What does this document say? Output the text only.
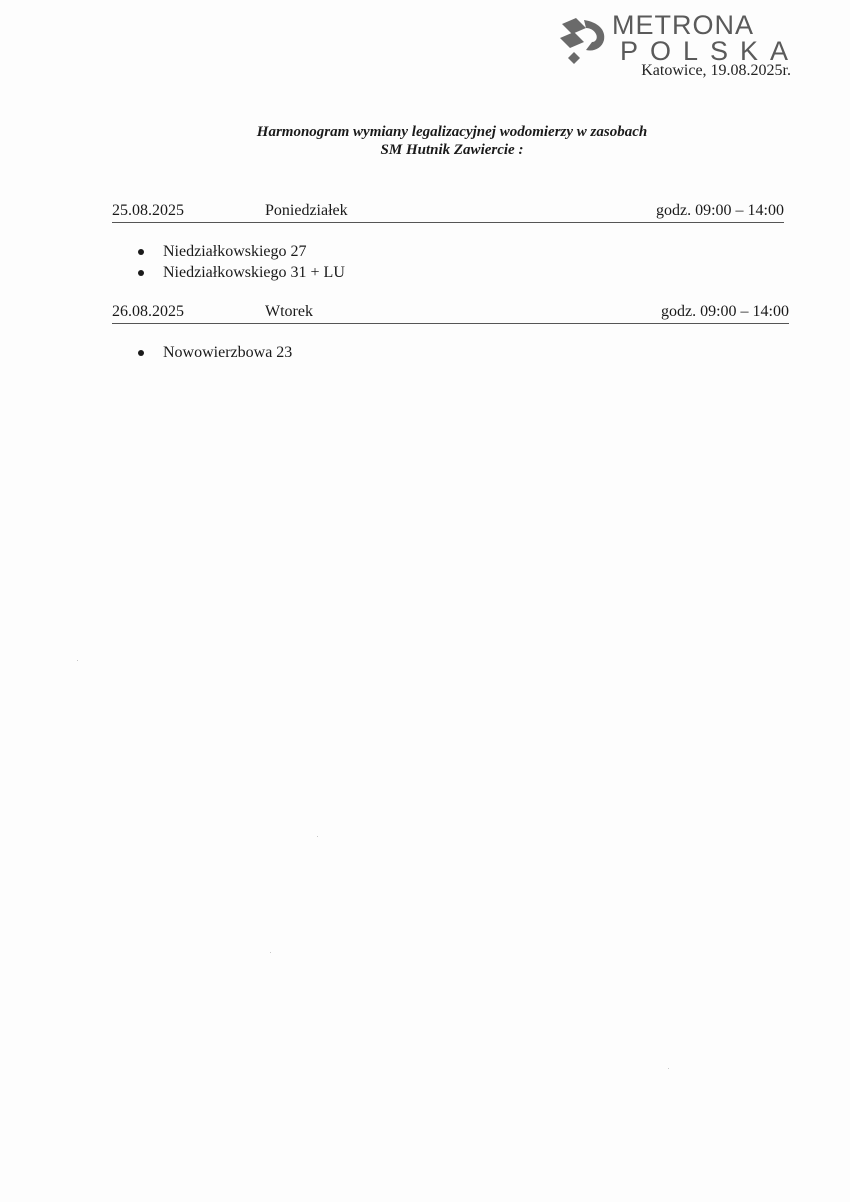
METRONA
POLSKA
Katowice, 19.08.2025r.
Harmonogram wymiany legalizacyjnej wodomierzy w zasobach
SM Hutnik Zawiercie :
25.08.2025	Poniedziałek	godz. 09:00 – 14:00
Niedziałkowskiego 27
Niedziałkowskiego 31 + LU
26.08.2025	Wtorek	godz. 09:00 – 14:00
Nowowierzbowa 23
